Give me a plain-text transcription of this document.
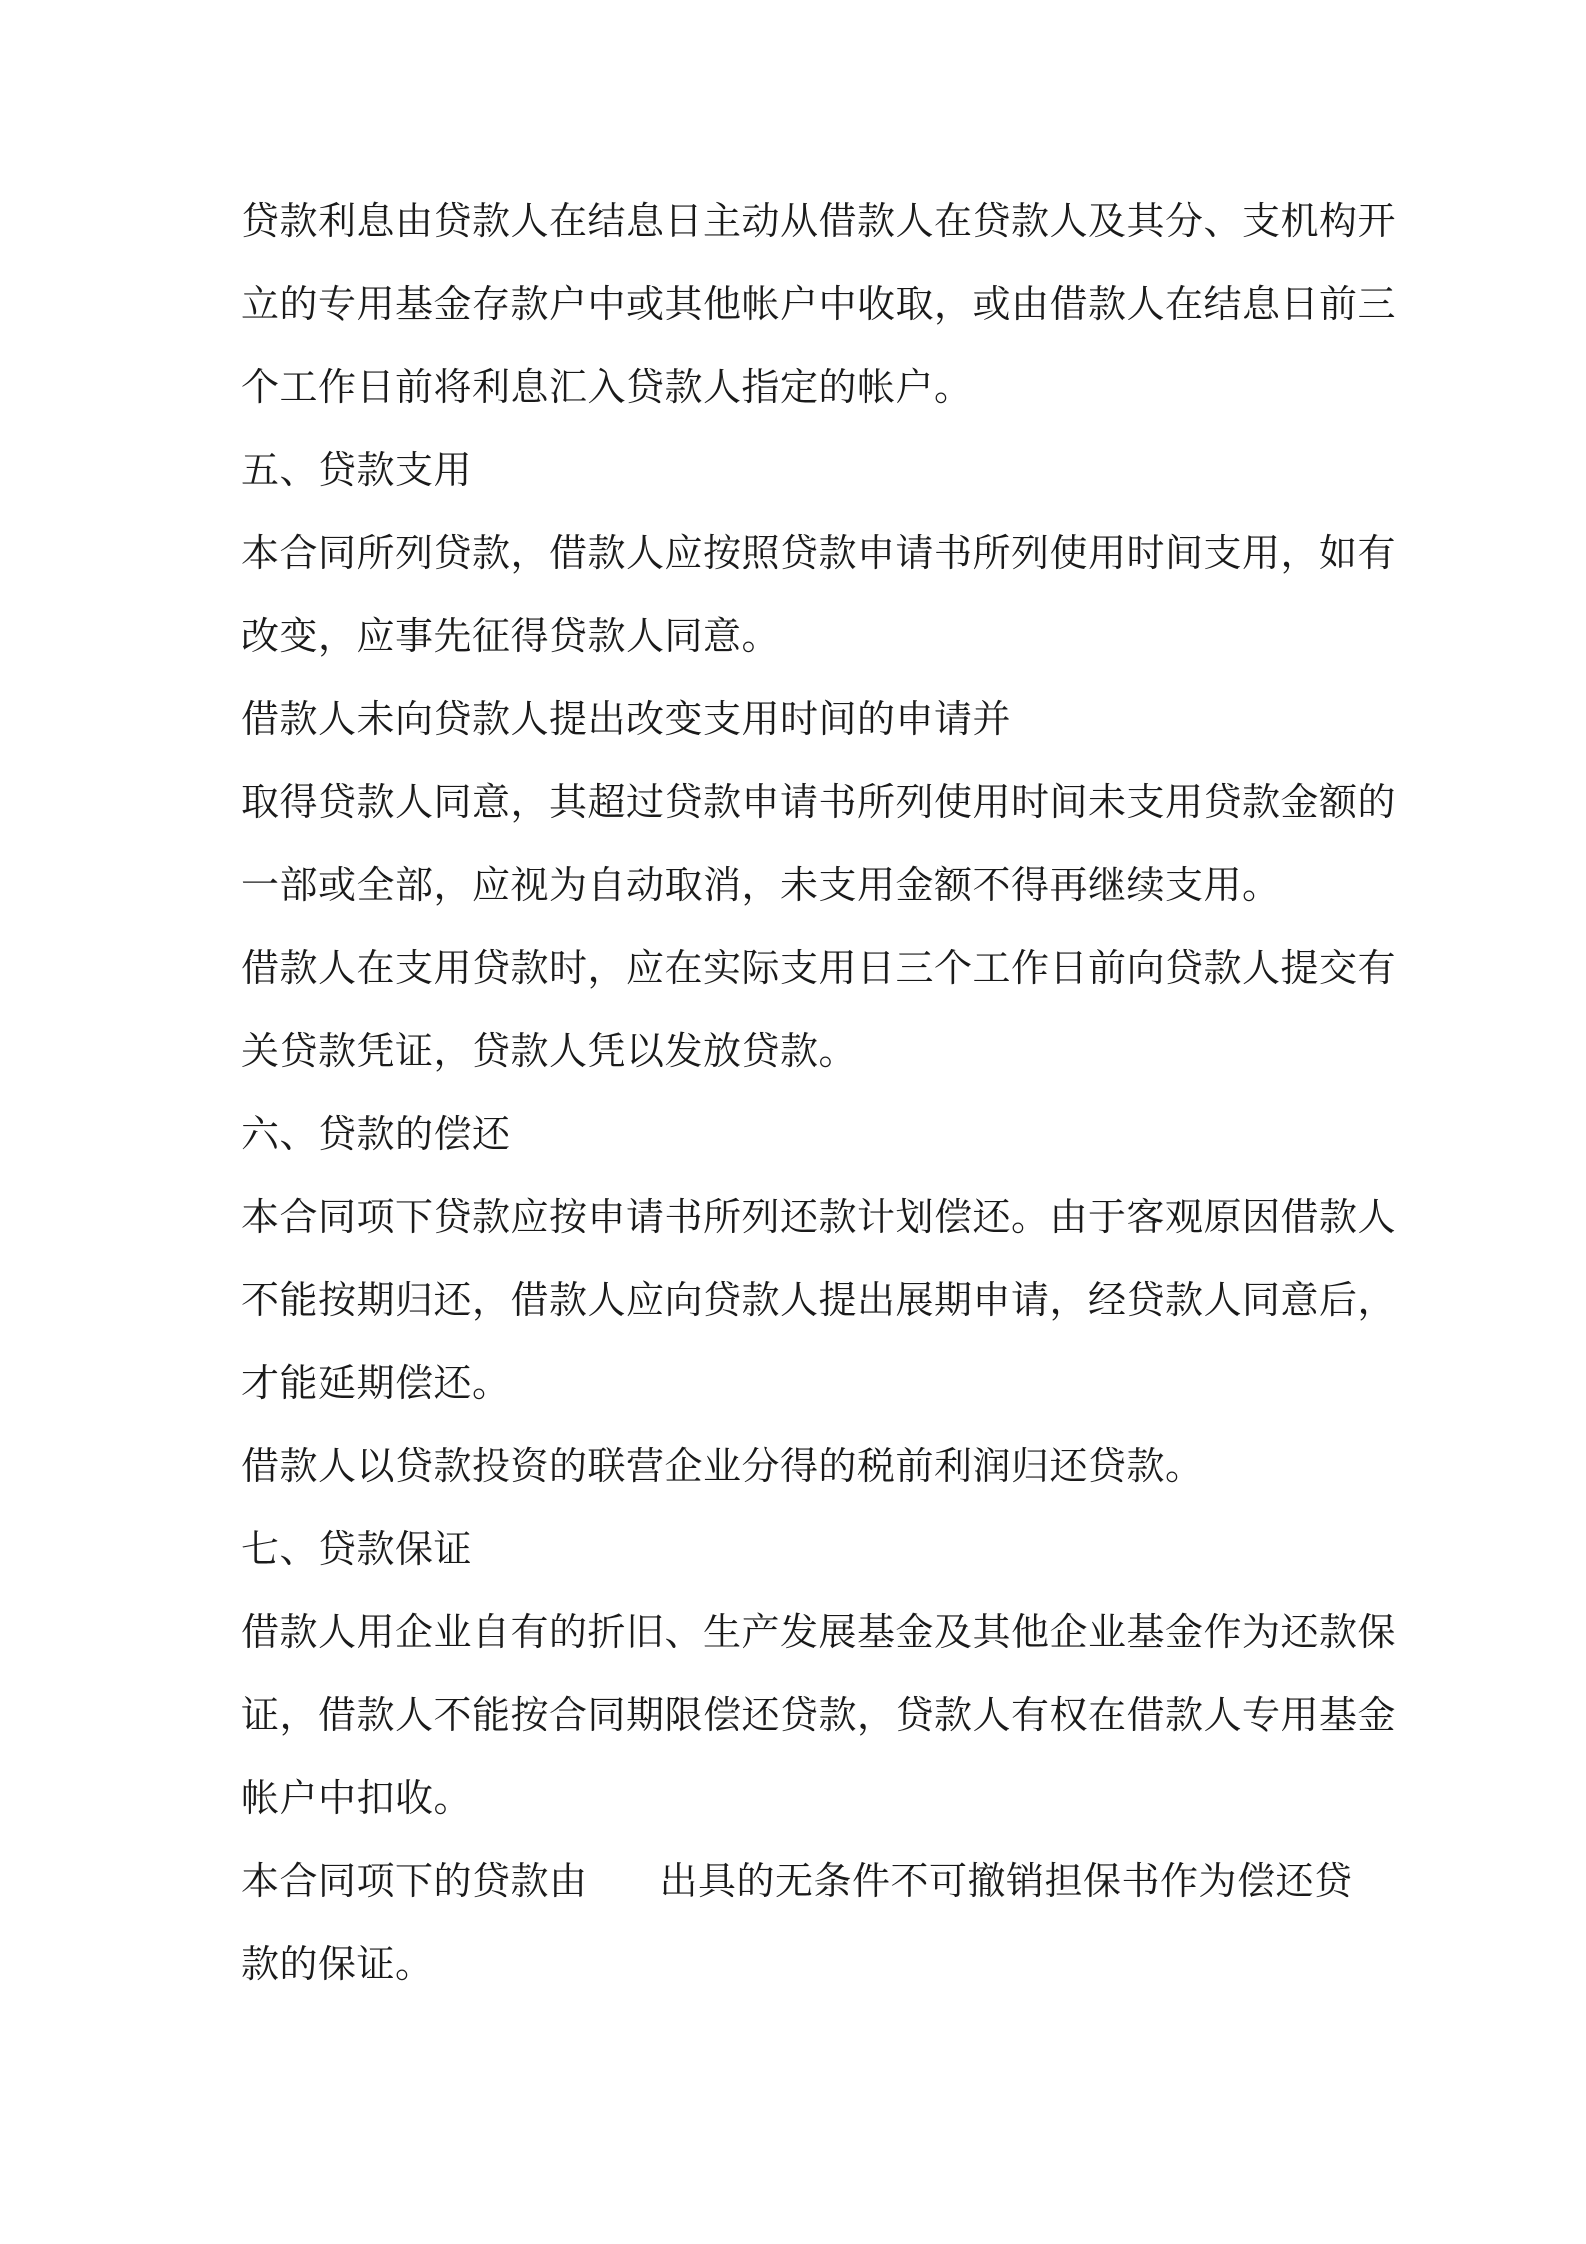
贷款利息由贷款人在结息日主动从借款人在贷款人及其分、支机构开
立的专用基金存款户中或其他帐户中收取，或由借款人在结息日前三
个工作日前将利息汇入贷款人指定的帐户。
五、贷款支用
本合同所列贷款，借款人应按照贷款申请书所列使用时间支用，如有
改变，应事先征得贷款人同意。
借款人未向贷款人提出改变支用时间的申请并
取得贷款人同意，其超过贷款申请书所列使用时间未支用贷款金额的
一部或全部，应视为自动取消，未支用金额不得再继续支用。
借款人在支用贷款时，应在实际支用日三个工作日前向贷款人提交有
关贷款凭证，贷款人凭以发放贷款。
六、贷款的偿还
本合同项下贷款应按申请书所列还款计划偿还。由于客观原因借款人
不能按期归还，借款人应向贷款人提出展期申请，经贷款人同意后，
才能延期偿还。
借款人以贷款投资的联营企业分得的税前利润归还贷款。
七、贷款保证
借款人用企业自有的折旧、生产发展基金及其他企业基金作为还款保
证，借款人不能按合同期限偿还贷款，贷款人有权在借款人专用基金
帐户中扣收。
本合同项下的贷款由 出具的无条件不可撤销担保书作为偿还贷
款的保证。
